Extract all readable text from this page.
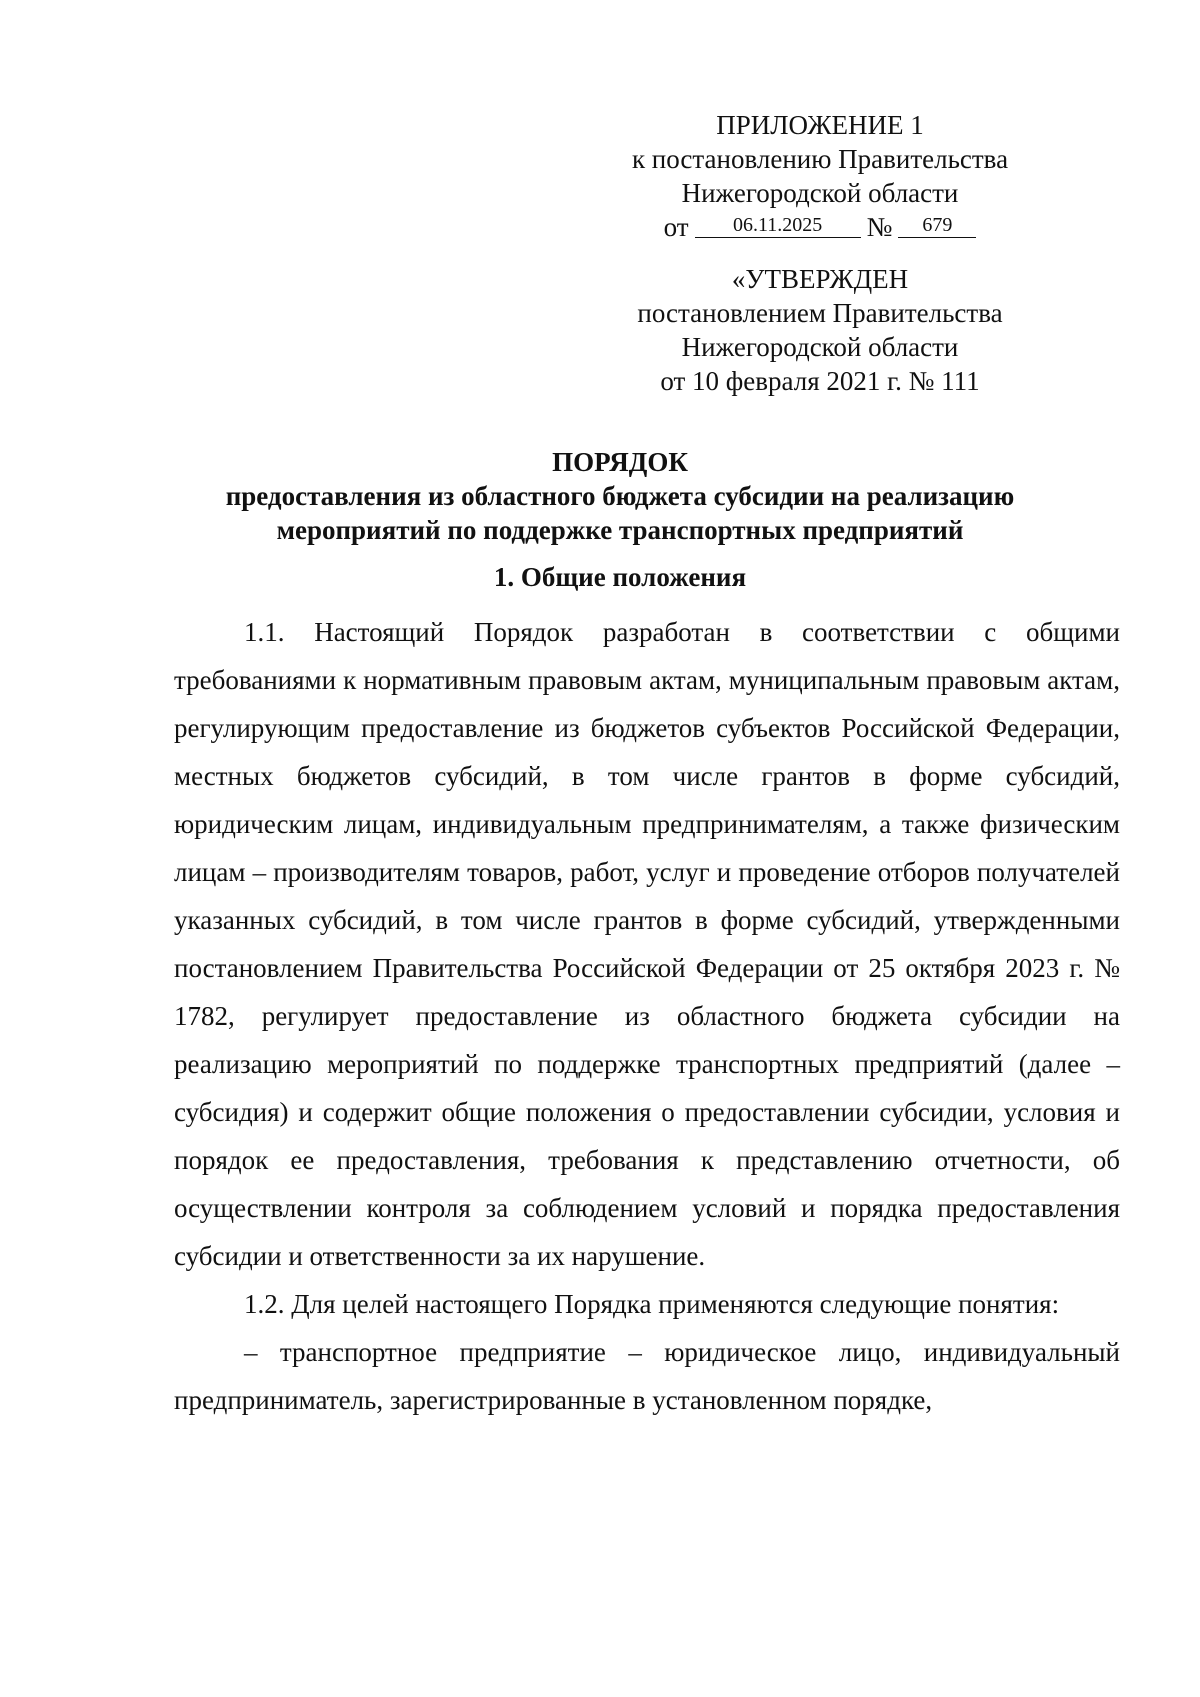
ПРИЛОЖЕНИЕ 1
к постановлению Правительства
Нижегородской области
от	06.11.2025	№	679
«УТВЕРЖДЕН
постановлением Правительства
Нижегородской области
от 10 февраля 2021 г. № 111
ПОРЯДОК
предоставления из областного бюджета субсидии на реализацию
мероприятий по поддержке транспортных предприятий
1. Общие положения

1.1. Настоящий Порядок разработан в соответствии с общими требованиями к нормативным правовым актам, муниципальным правовым актам, регулирующим предоставление из бюджетов субъектов Российской Федерации, местных бюджетов субсидий, в том числе грантов в форме субсидий, юридическим лицам, индивидуальным предпринимателям, а также физическим лицам – производителям товаров, работ, услуг и проведение отборов получателей указанных субсидий, в том числе грантов в форме субсидий, утвержденными постановлением Правительства Российской Федерации от 25 октября 2023 г. № 1782, регулирует предоставление из областного бюджета субсидии на реализацию мероприятий по поддержке транспортных предприятий (далее – субсидия) и содержит общие положения о предоставлении субсидии, условия и порядок ее предоставления, требования к представлению отчетности, об осуществлении контроля за соблюдением условий и порядка предоставления субсидии и ответственности за их нарушение.

1.2. Для целей настоящего Порядка применяются следующие понятия:

– транспортное предприятие – юридическое лицо, индивидуальный предприниматель, зарегистрированные в установленном порядке,
